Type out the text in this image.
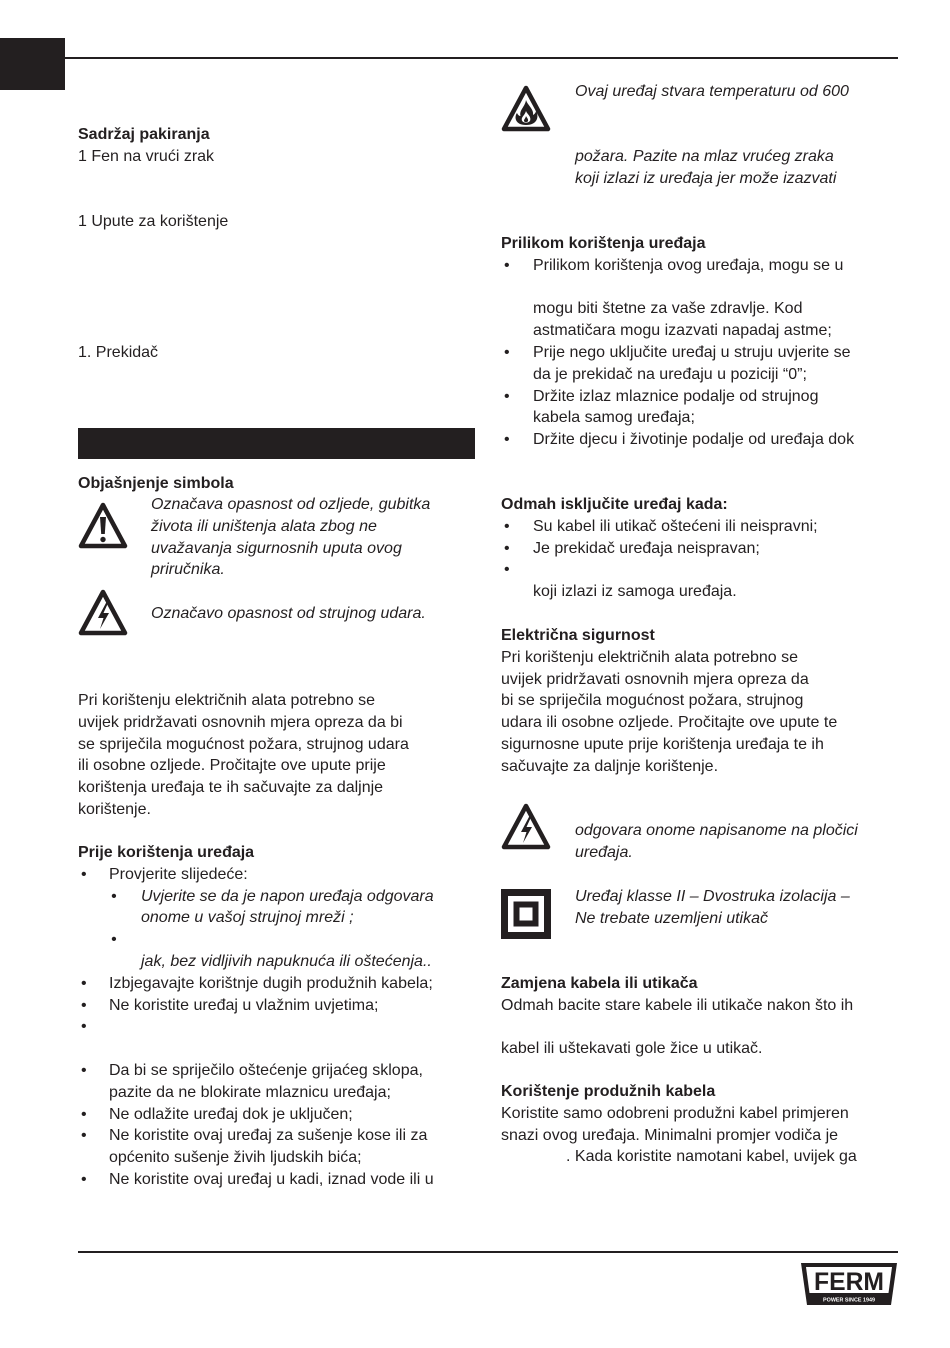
Sadržaj pakiranja
1 Fen na vrući zrak
1 Upute za korištenje
1. Prekidač
Objašnjenje simbola
Označava opasnost od ozljede, gubitka
života ili uništenja alata zbog ne
uvažavanja sigurnosnih uputa ovog
priručnika.
Označavo opasnost od strujnog udara.
Pri korištenju električnih alata potrebno se
uvijek pridržavati osnovnih mjera opreza da bi
se spriječila mogućnost požara, strujnog udara
ili osobne ozljede. Pročitajte ove upute prije
korištenja uređaja te ih sačuvajte za daljnje
korištenje.
Prije korištenja uređaja
• Provjerite slijedeće:
• Uvjerite se da je napon uređaja odgovara
onome u vašoj strujnoj mreži ;
•
jak, bez vidljivih napuknuća ili oštećenja..
• Izbjegavajte korištnje dugih produžnih kabela;
• Ne koristite uređaj u vlažnim uvjetima;
•
• Da bi se spriječilo oštećenje grijaćeg sklopa,
pazite da ne blokirate mlaznicu uređaja;
• Ne odlažite uređaj dok je uključen;
• Ne koristite ovaj uređaj za sušenje kose ili za
općenito sušenje živih ljudskih bića;
• Ne koristite ovaj uređaj u kadi, iznad vode ili u
Ovaj uređaj stvara temperaturu od 600
požara. Pazite na mlaz vrućeg zraka
koji izlazi iz uređaja jer može izazvati
Prilikom korištenja uređaja
• Prilikom korištenja ovog uređaja, mogu se u
mogu biti štetne za vaše zdravlje. Kod
astmatičara mogu izazvati napadaj astme;
• Prije nego uključite uređaj u struju uvjerite se
da je prekidač na uređaju u poziciji “0”;
• Držite izlaz mlaznice podalje od strujnog
kabela samog uređaja;
• Držite djecu i životinje podalje od uređaja dok
Odmah isključite uređaj kada:
• Su kabel ili utikač oštećeni ili neispravni;
• Je prekidač uređaja neispravan;
•
koji izlazi iz samoga uređaja.
Električna sigurnost
Pri korištenju električnih alata potrebno se
uvijek pridržavati osnovnih mjera opreza da
bi se spriječila mogućnost požara, strujnog
udara ili osobne ozljede. Pročitajte ove upute te
sigurnosne upute prije korištenja uređaja te ih
sačuvajte za daljnje korištenje.
odgovara onome napisanome na pločici
uređaja.
Uređaj klasse II – Dvostruka izolacija –
Ne trebate uzemljeni utikač
Zamjena kabela ili utikača
Odmah bacite stare kabele ili utikače nakon što ih
kabel ili uštekavati gole žice u utikač.
Korištenje produžnih kabela
Koristite samo odobreni produžni kabel primjeren
snazi ovog uređaja. Minimalni promjer vodiča je
. Kada koristite namotani kabel, uvijek ga
FERM
POWER SINCE 1949
